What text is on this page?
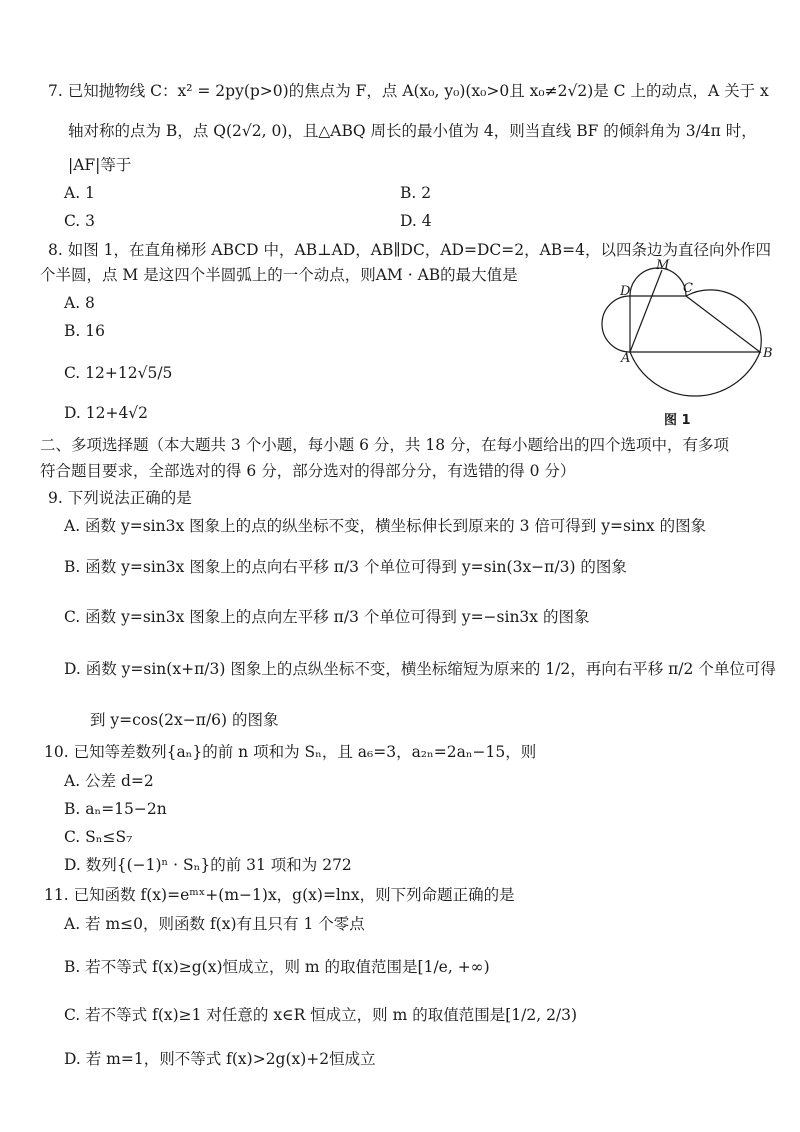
7. 已知抛物线 C：x² = 2py(p>0)的焦点为 F，点 A(x₀, y₀)(x₀>0且 x₀≠2√2)是 C 上的动点，A 关于 x
轴对称的点为 B，点 Q(2√2, 0)，且△ABQ 周长的最小值为 4，则当直线 BF 的倾斜角为 3/4π 时，
|AF|等于
A. 1	B. 2
C. 3	D. 4
8. 如图 1，在直角梯形 ABCD 中，AB⊥AD，AB∥DC，AD=DC=2，AB=4，以四条边为直径向外作四
个半圆，点 M 是这四个半圆弧上的一个动点，则AM · AB的最大值是
A. 8
B. 16
C. 12+12√5/5
D. 12+4√2
M
D	C
A	B
图 1
二、多项选择题（本大题共 3 个小题，每小题 6 分，共 18 分，在每小题给出的四个选项中，有多项
符合题目要求，全部选对的得 6 分，部分选对的得部分分，有选错的得 0 分）
9. 下列说法正确的是
A. 函数 y=sin3x 图象上的点的纵坐标不变，横坐标伸长到原来的 3 倍可得到 y=sinx 的图象
B. 函数 y=sin3x 图象上的点向右平移 π/3 个单位可得到 y=sin(3x−π/3) 的图象
C. 函数 y=sin3x 图象上的点向左平移 π/3 个单位可得到 y=−sin3x 的图象
D. 函数 y=sin(x+π/3) 图象上的点纵坐标不变，横坐标缩短为原来的 1/2，再向右平移 π/2 个单位可得
到 y=cos(2x−π/6) 的图象
10. 已知等差数列{aₙ}的前 n 项和为 Sₙ，且 a₆=3，a₂ₙ=2aₙ−15，则
A. 公差 d=2
B. aₙ=15−2n
C. Sₙ≤S₇
D. 数列{(−1)ⁿ · Sₙ}的前 31 项和为 272
11. 已知函数 f(x)=eᵐˣ+(m−1)x，g(x)=lnx，则下列命题正确的是
A. 若 m≤0，则函数 f(x)有且只有 1 个零点
B. 若不等式 f(x)≥g(x)恒成立，则 m 的取值范围是[1/e, +∞)
C. 若不等式 f(x)≥1 对任意的 x∈R 恒成立，则 m 的取值范围是[1/2, 2/3)
D. 若 m=1，则不等式 f(x)>2g(x)+2恒成立
